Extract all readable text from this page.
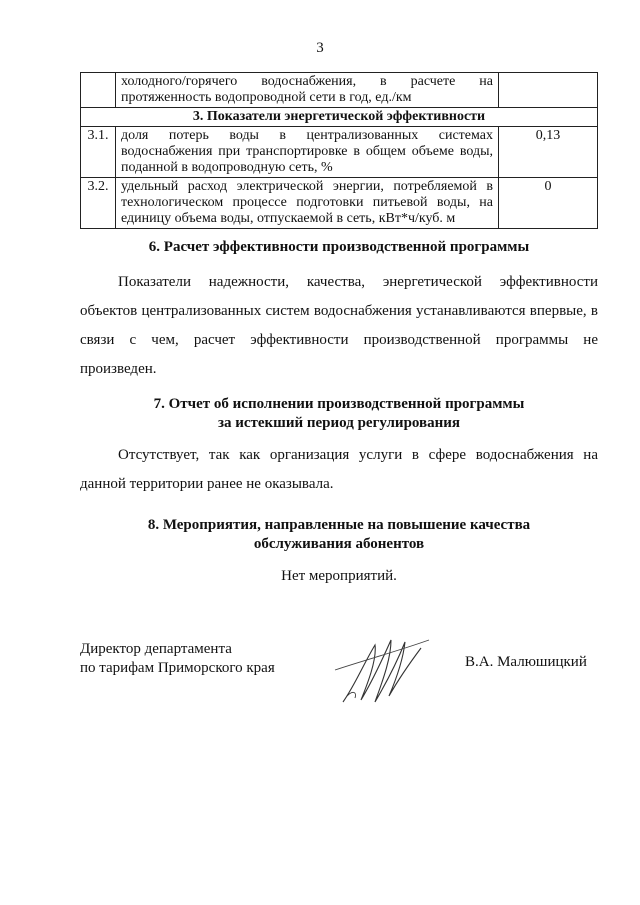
3
	холодного/горячего водоснабжения, в расчете на протяженность водопроводной сети в год, ед./км	
3. Показатели энергетической эффективности		
3.1.	доля потерь воды в централизованных системах водоснабжения при транспортировке в общем объеме воды, поданной в водопроводную сеть, %	0,13
3.2.	удельный расход электрической энергии, потребляемой в технологическом процессе подготовки питьевой воды, на единицу объема воды, отпускаемой в сеть, кВт*ч/куб. м	0
6. Расчет эффективности производственной программы

Показатели надежности, качества, энергетической эффективности объектов централизованных систем водоснабжения устанавливаются впервые, в связи с чем, расчет эффективности производственной программы не произведен.

7. Отчет об исполнении производственной программы
за истекший период регулирования

Отсутствует, так как организация услуги в сфере водоснабжения на данной территории ранее не оказывала.

8. Мероприятия, направленные на повышение качества
обслуживания абонентов
Нет мероприятий.
Директор департамента
по тарифам Приморского края	В.А. Малюшицкий
